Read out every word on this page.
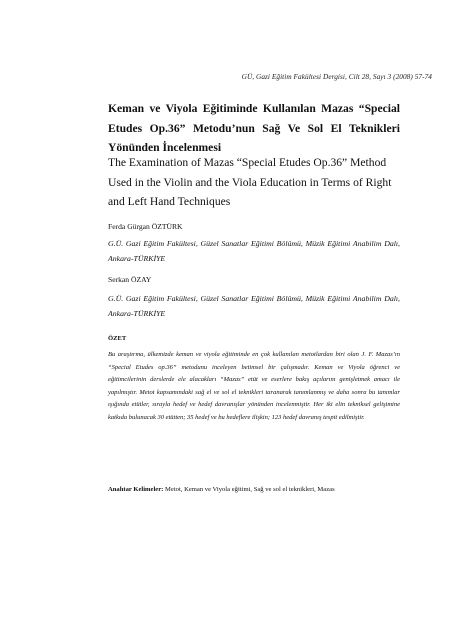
GÜ, Gazi Eğitim Fakültesi Dergisi, Cilt 28, Sayı 3 (2008) 57-74
Keman ve Viyola Eğitiminde Kullanılan Mazas “Special Etudes Op.36” Metodu’nun Sağ Ve Sol El Teknikleri Yönünden İncelenmesi
The Examination of Mazas “Special Etudes Op.36” Method Used in the Violin and the Viola Education in Terms of Right and Left Hand Techniques
Ferda Gürgan ÖZTÜRK
G.Ü. Gazi Eğitim Fakültesi, Güzel Sanatlar Eğitimi Bölümü, Müzik Eğitimi Anabilim Dalı, Ankara-TÜRKİYE
Serkan ÖZAY
G.Ü. Gazi Eğitim Fakültesi, Güzel Sanatlar Eğitimi Bölümü, Müzik Eğitimi Anabilim Dalı, Ankara-TÜRKİYE
ÖZET
Bu araştırma, ülkemizde keman ve viyola eğitiminde en çok kullanılan metotlardan biri olan J. F. Mazas’ın “Special Etudes op.36” metodunu inceleyen betimsel bir çalışmadır. Keman ve Viyola öğrenci ve eğitimcilerinin derslerde ele alacakları “Mazas” etüt ve eserlere bakış açılarını genişletmek amacı ile yapılmıştır. Metot kapsamındaki sağ el ve sol el teknikleri taranarak tanımlanmış ve daha sonra bu tanımlar ışığında etütler, sırayla hedef ve hedef davranışlar yönünden incelenmiştir. Her iki elin tekniksel gelişimine katkıda bulunacak 30 etütten; 35 hedef ve bu hedeflere ilişkin; 123 hedef davranış tespit edilmiştir.
Anahtar Kelimeler: Metot, Keman ve Viyola eğitimi, Sağ ve sol el teknikleri, Mazas
